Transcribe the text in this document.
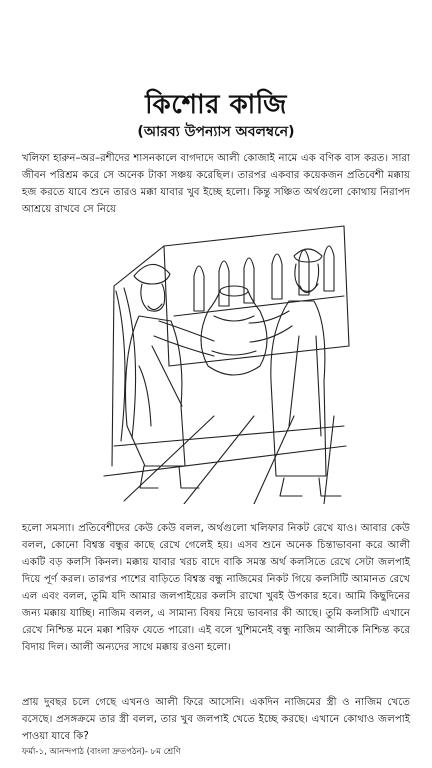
কিশোর কাজি
(আরব্য উপন্যাস অবলম্বনে)

খলিফা হারুন–অর–রশীদের শাসনকালে বাগদাদে আলী কোজাই নামে এক বণিক বাস করত। সারা জীবন পরিশ্রম করে সে অনেক টাকা সঞ্চয় করেছিল। তারপর একবার কয়েকজন প্রতিবেশী মক্কায় হজ করতে যাবে শুনে তারও মক্কা যাবার খুব ইচ্ছে হলো। কিন্তু সঞ্চিত অর্থগুলো কোথায় নিরাপদ আশ্রয়ে রাখবে সে নিয়ে

হলো সমস্যা। প্রতিবেশীদের কেউ কেউ বলল, অর্থগুলো খলিফার নিকট রেখে যাও। আবার কেউ বলল, কোনো বিশ্বস্ত বন্ধুর কাছে রেখে গেলেই হয়। এসব শুনে অনেক চিন্তাভাবনা করে আলী একটি বড় কলসি কিনল। মক্কায় যাবার খরচ বাদে বাকি সমস্ত অর্থ কলসিতে রেখে সেটা জলপাই দিয়ে পূর্ণ করল। তারপর পাশের বাড়িতে বিশ্বস্ত বন্ধু নাজিমের নিকট গিয়ে কলসিটি আমানত রেখে এল এবং বলল, তুমি যদি আমার জলপাইয়ের কলসি রাখো খুবই উপকার হবে। আমি কিছুদিনের জন্য মক্কায় যাচ্ছি। নাজিম বলল, এ সামান্য বিষয় নিয়ে ভাবনার কী আছে। তুমি কলসিটি এখানে রেখে নিশ্চিন্ত মনে মক্কা শরিফ যেতে পারো। এই বলে খুশিমনেই বন্ধু নাজিম আলীকে নিশ্চিন্ত করে বিদায় দিল। আলী অন্যদের সাথে মক্কায় রওনা হলো।

প্রায় দুবছর চলে গেছে এখনও আলী ফিরে আসেনি। একদিন নাজিমের স্ত্রী ও নাজিম খেতে বসেছে। প্রসঙ্গক্রমে তার স্ত্রী বলল, তার খুব জলপাই খেতে ইচ্ছে করছে। এখানে কোথাও জলপাই পাওয়া যাবে কি?

ফর্মা-১, আনন্দপাঠ (বাংলা দ্রুতপঠন)- ৮ম শ্রেণি
